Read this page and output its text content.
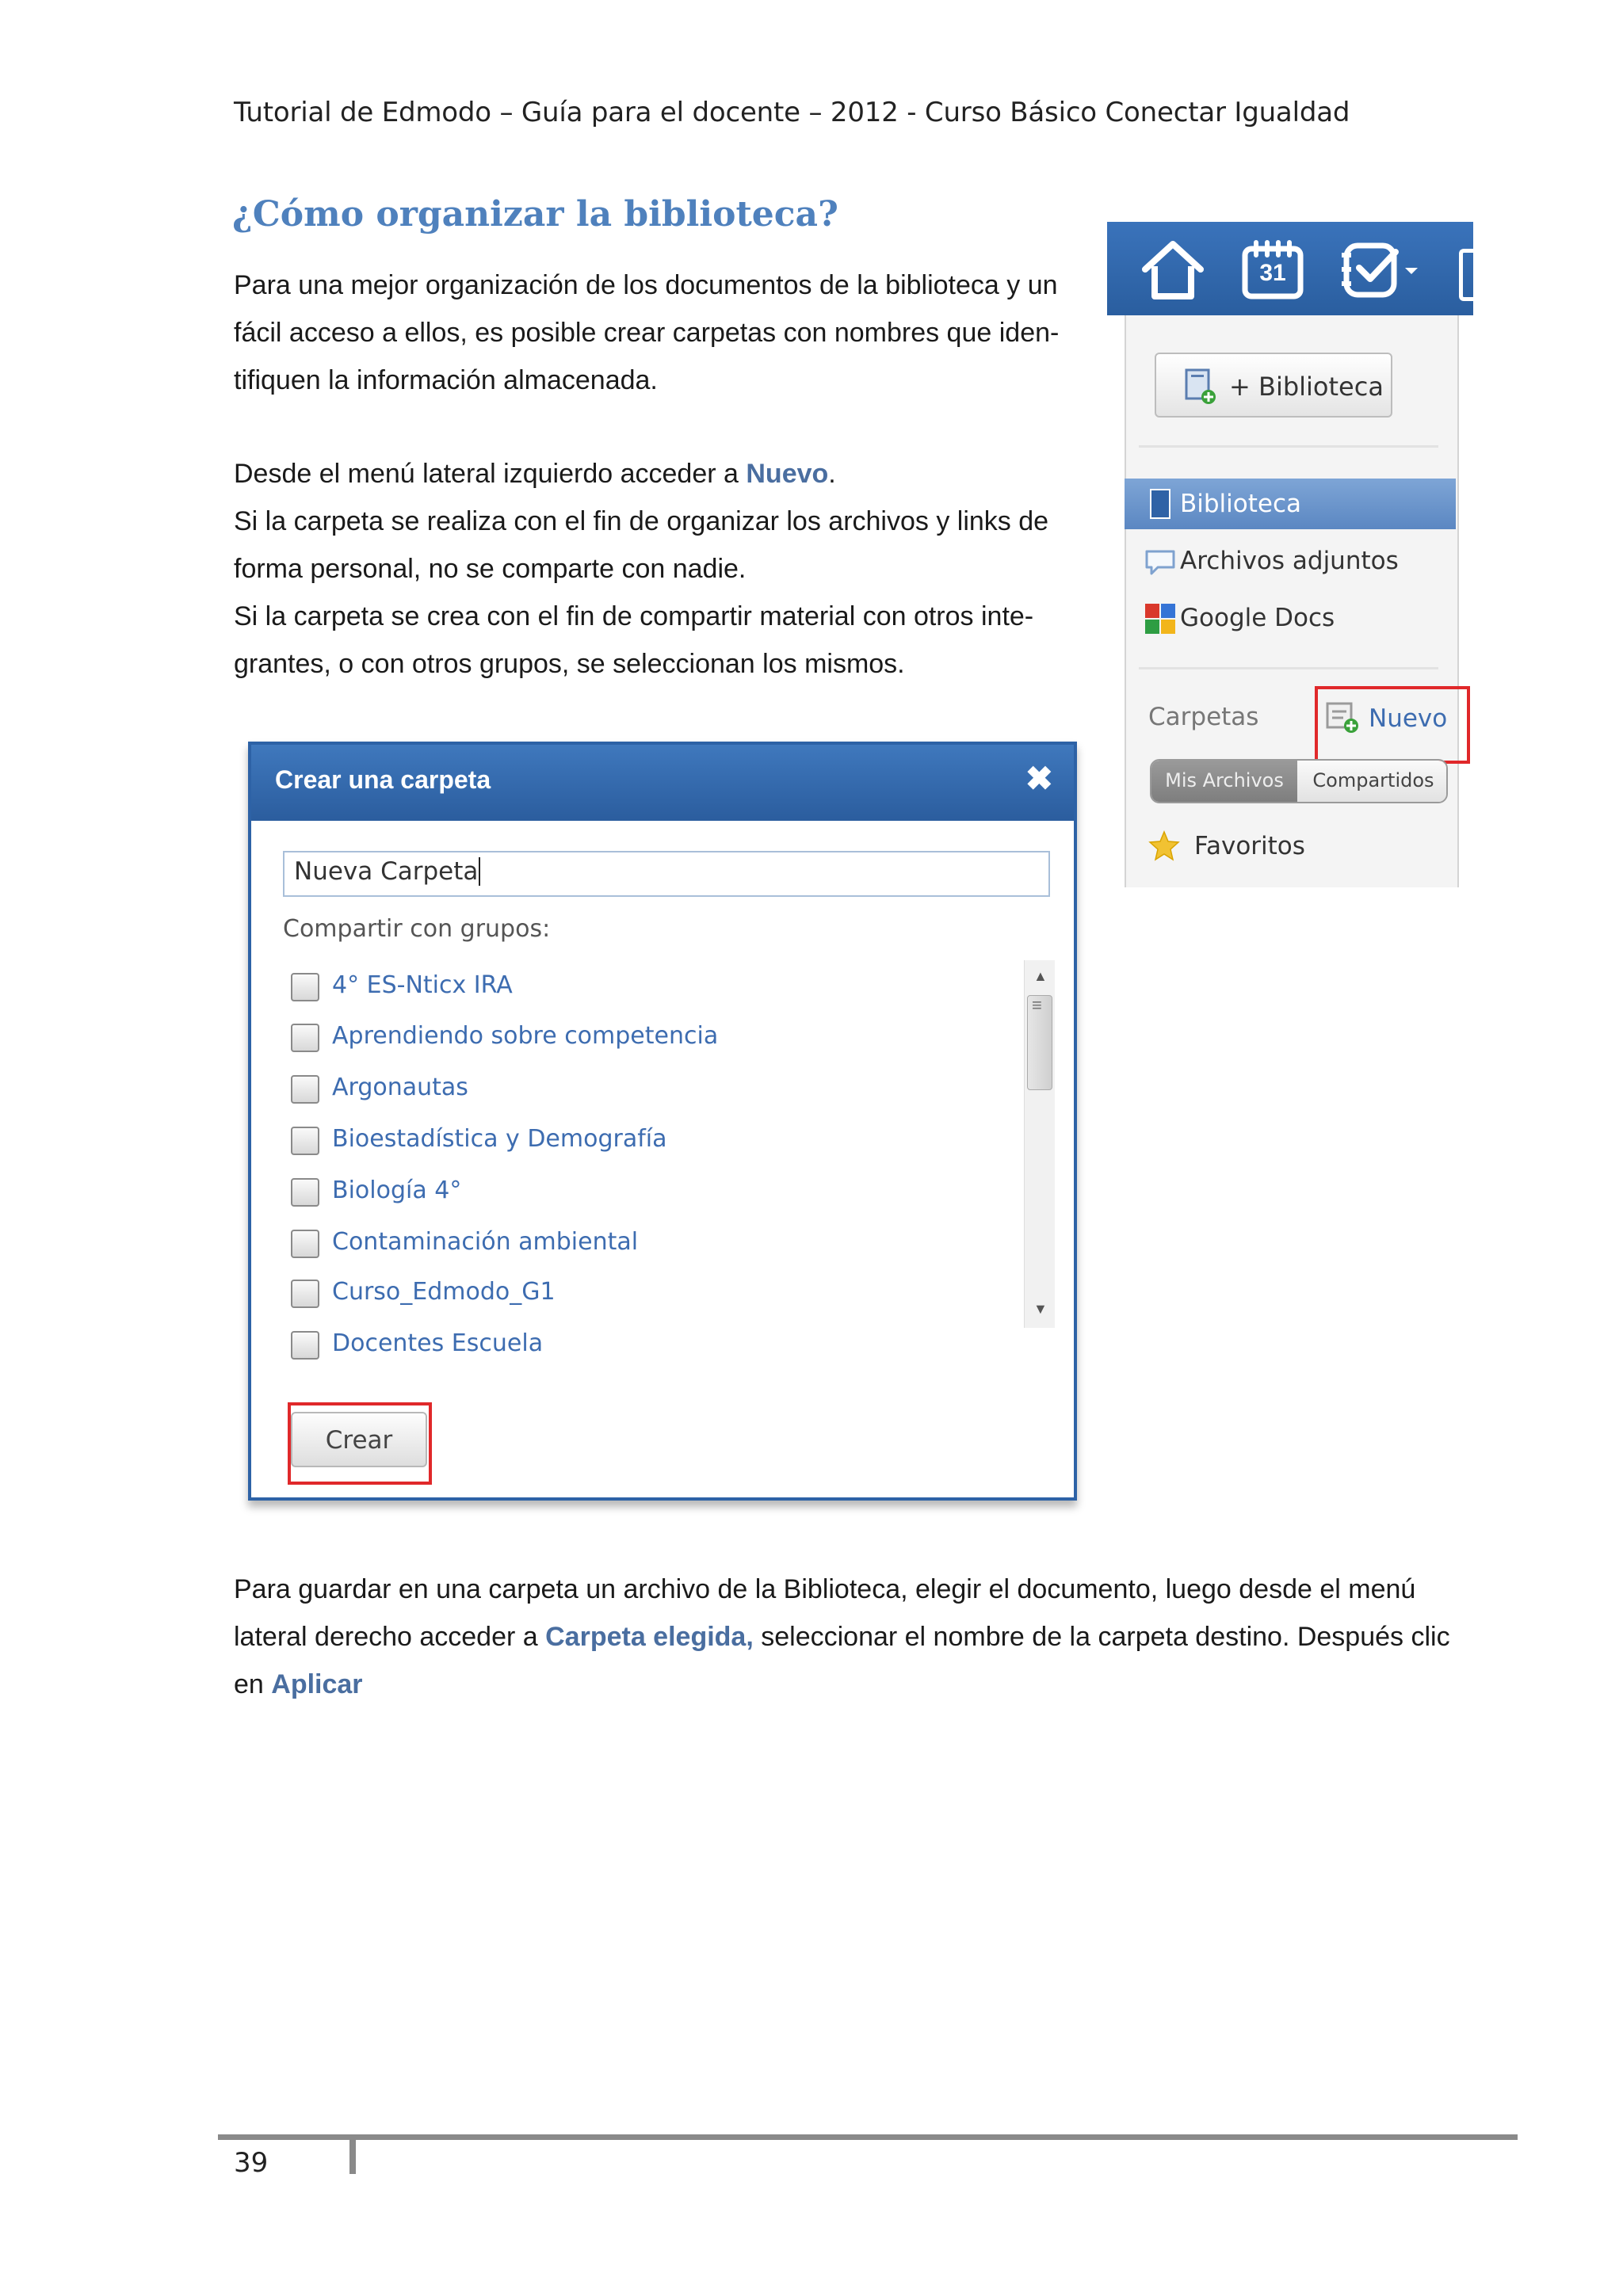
Tutorial de Edmodo – Guía para el docente – 2012 - Curso Básico Conectar Igualdad
¿Cómo organizar la biblioteca?
Para una mejor organización de los documentos de la biblioteca y un
fácil acceso a ellos, es posible crear carpetas con nombres que iden-
tifiquen la información almacenada.
Desde el menú lateral izquierdo acceder a Nuevo.
Si la carpeta se realiza con el fin de organizar los archivos y links de
forma personal, no se comparte con nadie.
Si la carpeta se crea con el fin de compartir material con otros inte-
grantes, o con otros grupos, se seleccionan los mismos.
31
+ Biblioteca
Biblioteca
Archivos adjuntos
Google Docs
Carpetas	Nuevo
Mis Archivos	Compartidos
Favoritos
Crear una carpeta	✖
Nueva Carpeta
Compartir con grupos:
4° ES-Nticx IRA
Aprendiendo sobre competencia
Argonautas
Bioestadística y Demografía
Biología 4°
Contaminación ambiental
Curso_Edmodo_G1
Docentes Escuela
▲
≡
▼
Crear
Para guardar en una carpeta un archivo de la Biblioteca, elegir el documento, luego desde el menú
lateral derecho acceder a Carpeta elegida, seleccionar el nombre de la carpeta destino. Después clic
en Aplicar
39
